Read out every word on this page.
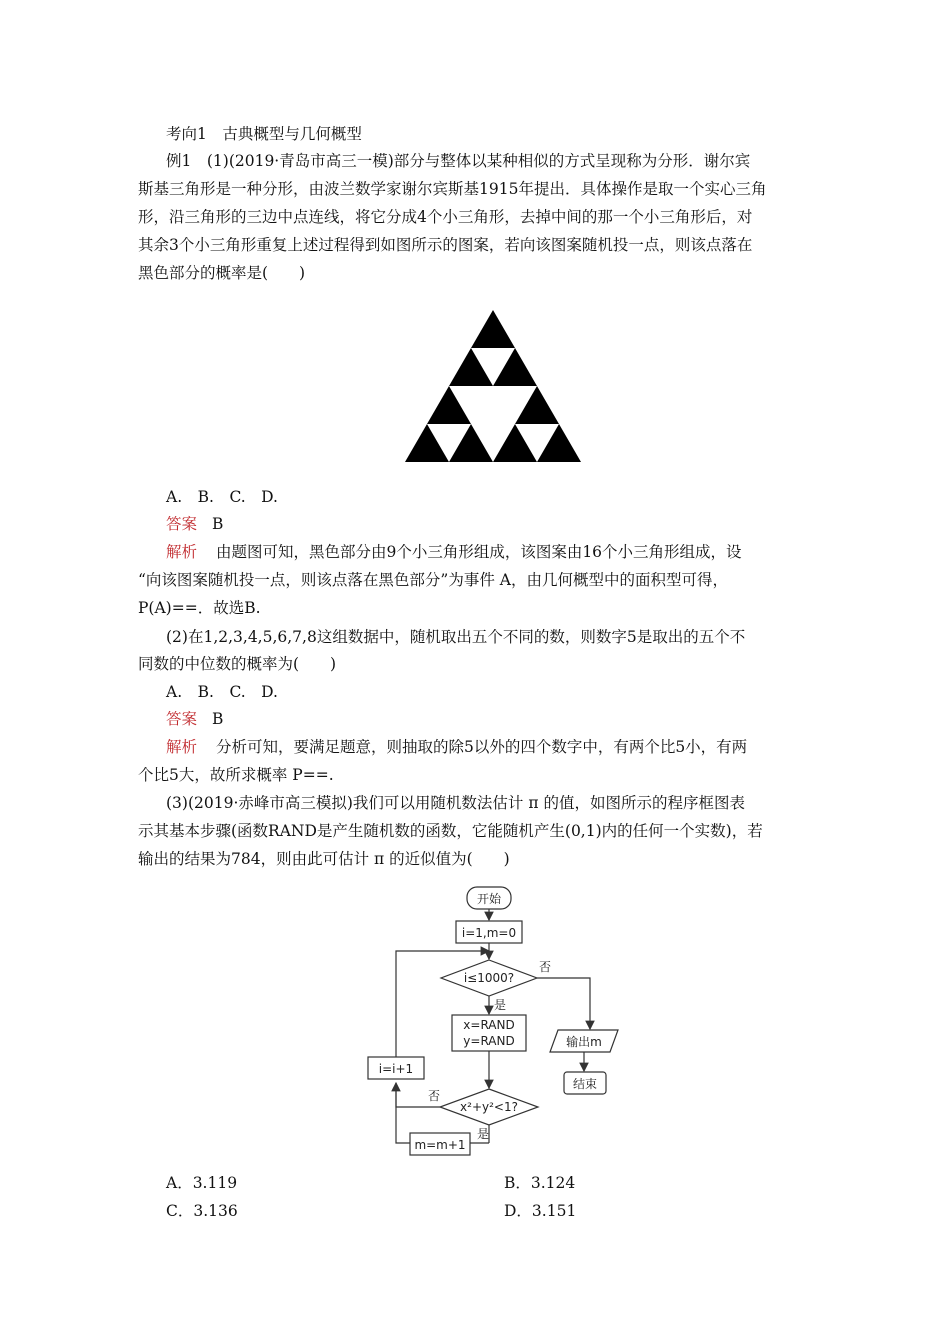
考向1　古典概型与几何概型
例1　(1)(2019·青岛市高三一模)部分与整体以某种相似的方式呈现称为分形．谢尔宾
斯基三角形是一种分形，由波兰数学家谢尔宾斯基1915年提出．具体操作是取一个实心三角
形，沿三角形的三边中点连线，将它分成4个小三角形，去掉中间的那一个小三角形后，对
其余3个小三角形重复上述过程得到如图所示的图案，若向该图案随机投一点，则该点落在
黑色部分的概率是(　　)
A.　B.　C.　D.
答案 B
解析 由题图可知，黑色部分由9个小三角形组成，该图案由16个小三角形组成，设
“向该图案随机投一点，则该点落在黑色部分”为事件 A，由几何概型中的面积型可得，
P(A)==．故选B.
(2)在1,2,3,4,5,6,7,8这组数据中，随机取出五个不同的数，则数字5是取出的五个不
同数的中位数的概率为(　　)
A.　B.　C.　D.
答案 B
解析 分析可知，要满足题意，则抽取的除5以外的四个数字中，有两个比5小，有两
个比5大，故所求概率 P==.
(3)(2019·赤峰市高三模拟)我们可以用随机数法估计 π 的值，如图所示的程序框图表
示其基本步骤(函数RAND是产生随机数的函数，它能随机产生(0,1)内的任何一个实数)，若
输出的结果为784，则由此可估计 π 的近似值为(　　)
开始
i=1,m=0
i≤1000?
否
是
输出m
结束
x=RAND
y=RAND
x²+y²<1?
否
是
m=m+1
i=i+1
A．3.119	B．3.124
C．3.136	D．3.151
